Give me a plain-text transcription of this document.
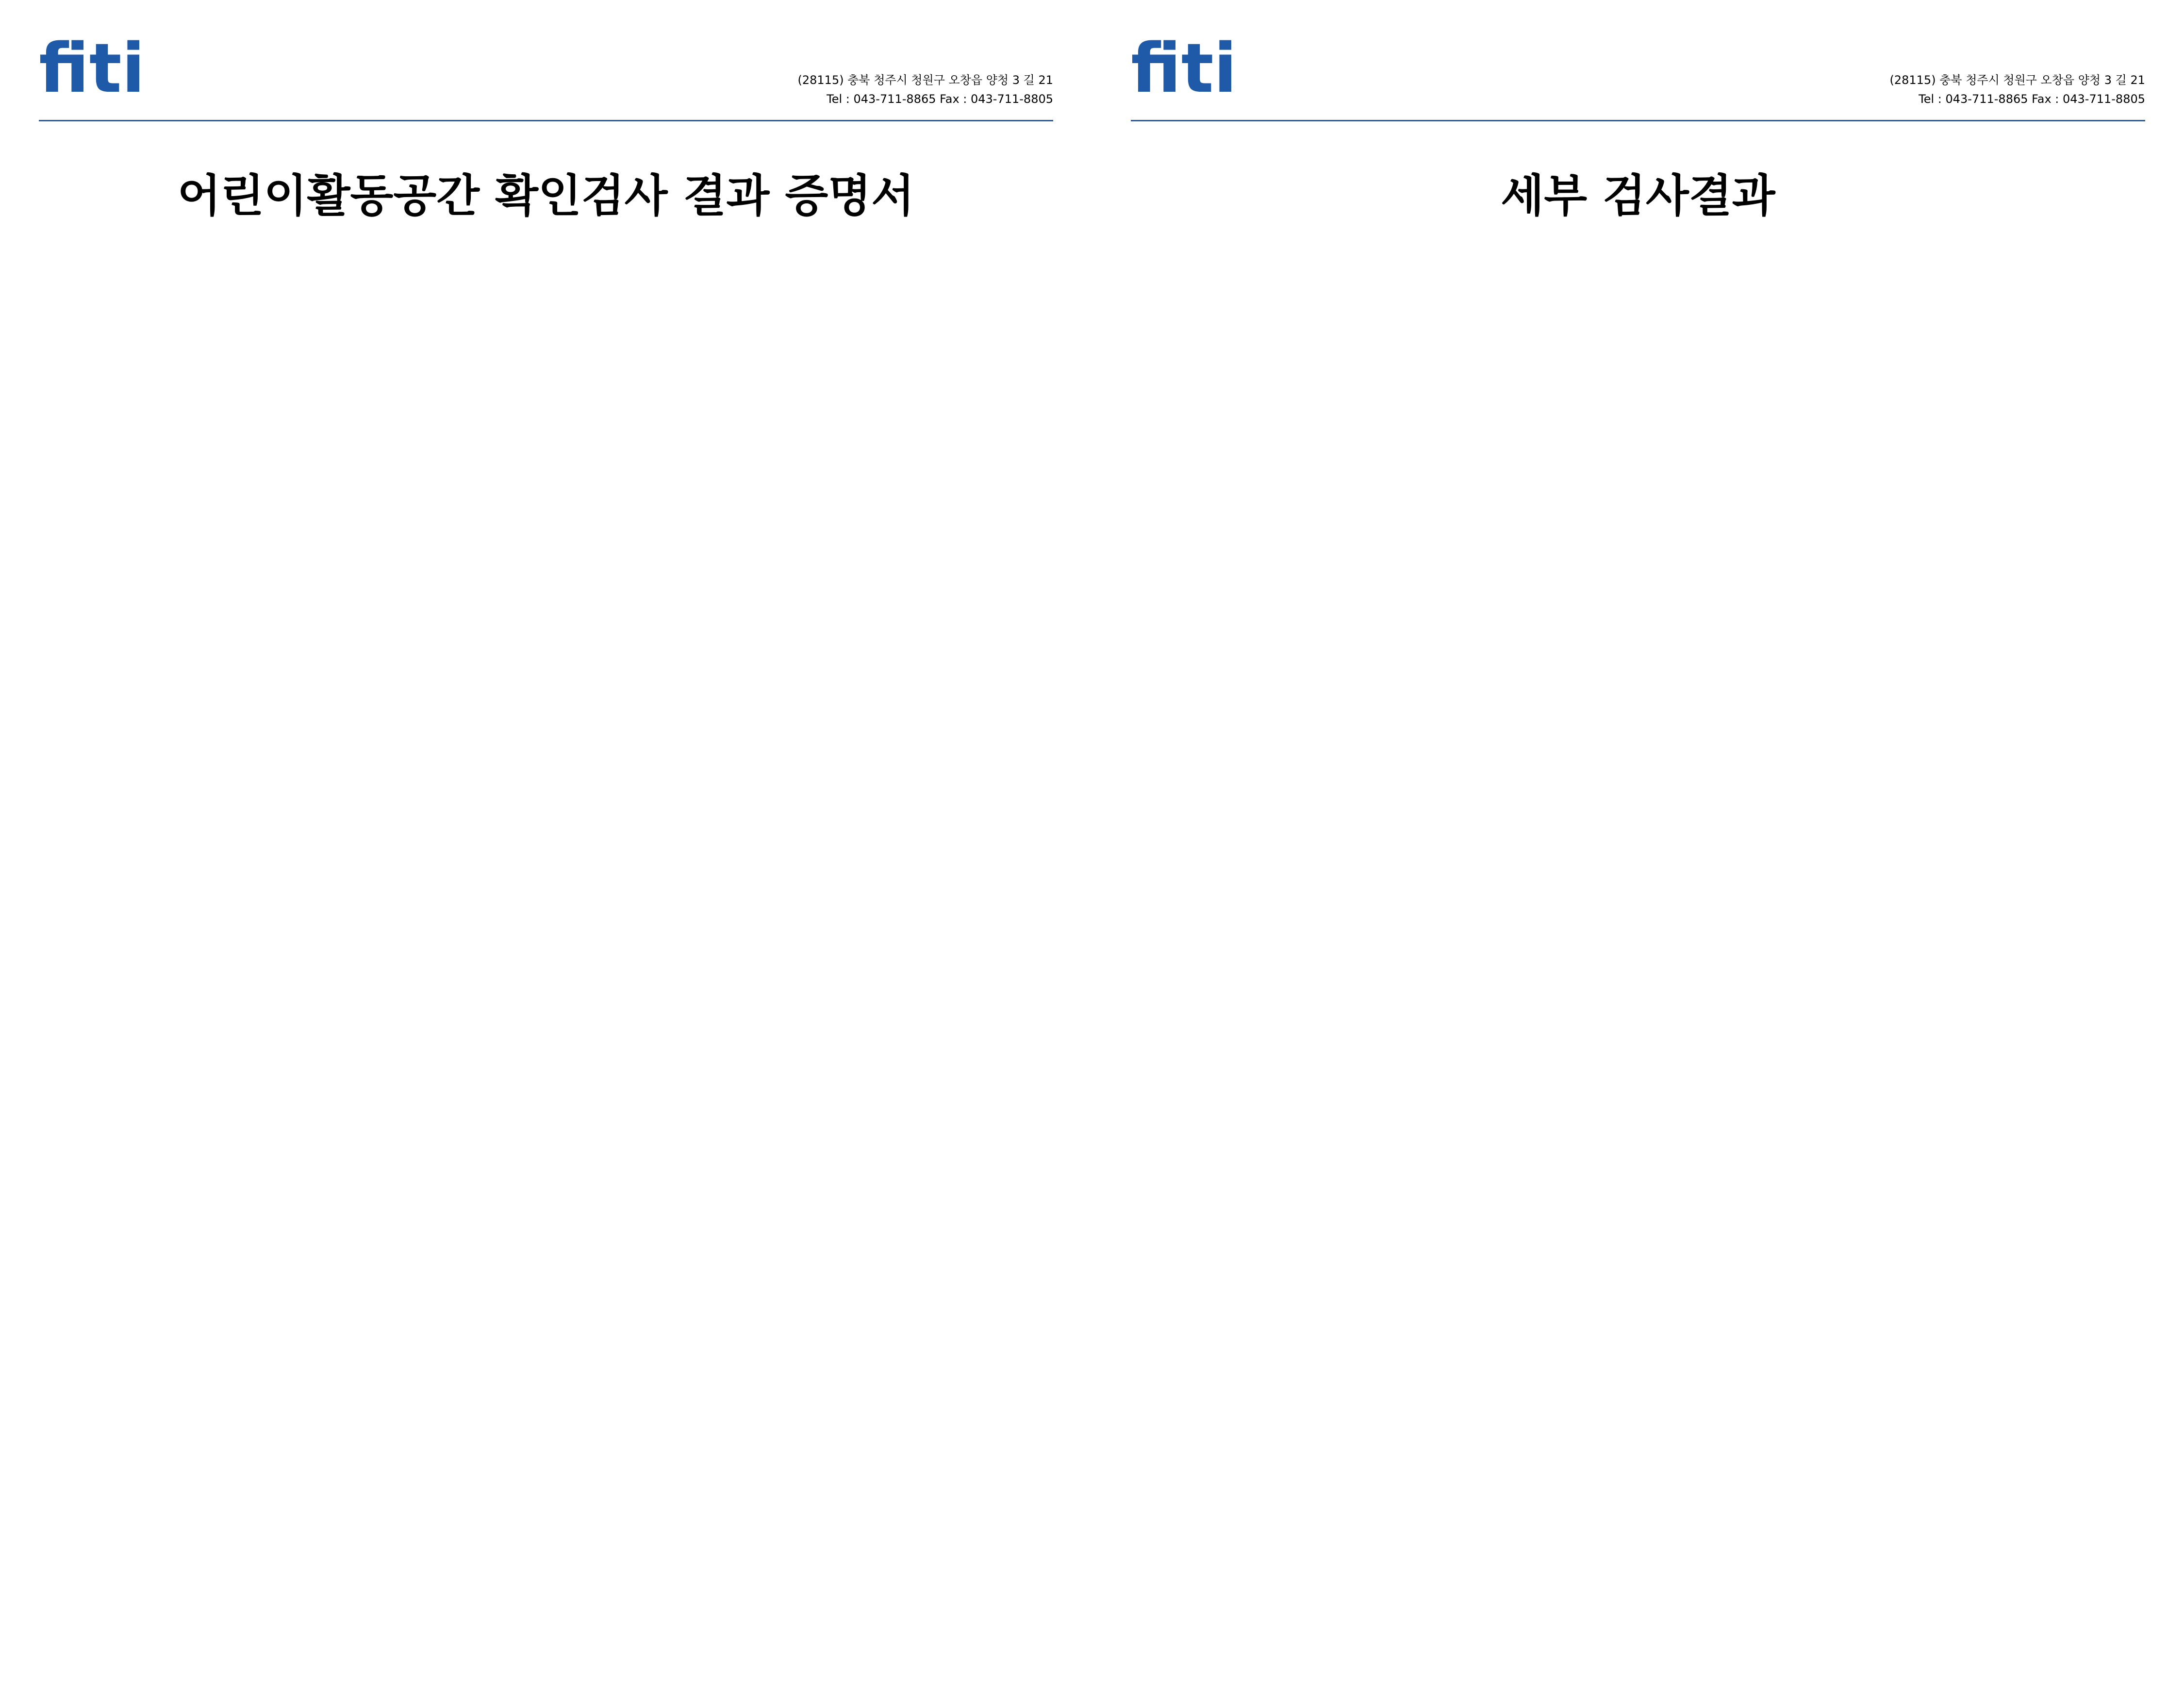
fiti	(28115) 충북 청주시 청원구 오창읍 양청 3 길 21
Tel : 043-711-8865 Fax : 043-711-8805
어린이활동공간 확인검사 결과 증명서
fiti	(28115) 충북 청주시 청원구 오창읍 양청 3 길 21
Tel : 043-711-8865 Fax : 043-711-8805
세부 검사결과
